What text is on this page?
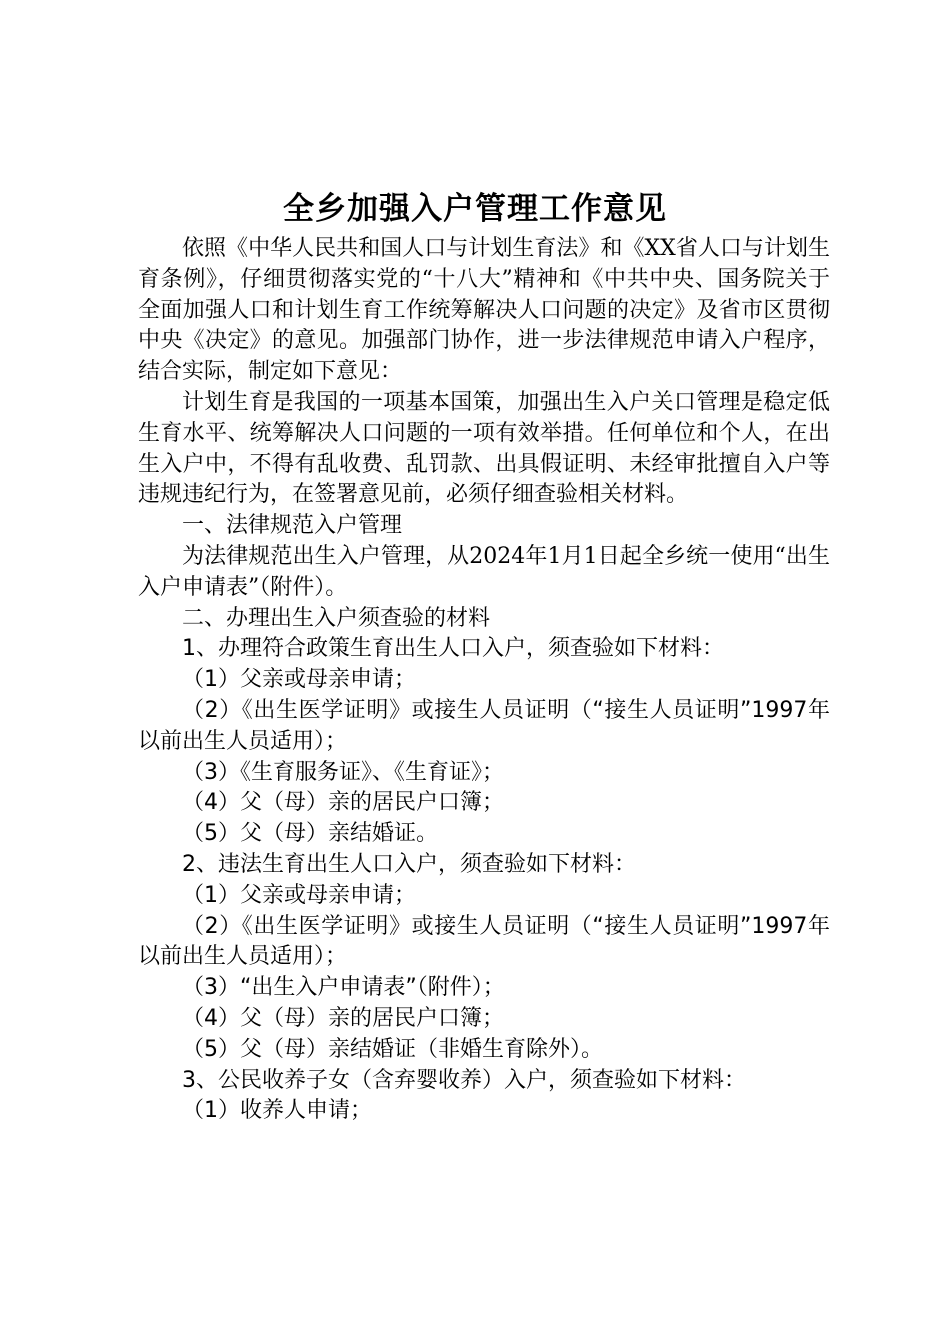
全乡加强入户管理工作意见

依照《中华人民共和国人口与计划生育法》和《XX省人口与计划生育条例》，仔细贯彻落实党的“十八大”精神和《中共中央、国务院关于全面加强人口和计划生育工作统筹解决人口问题的决定》及省市区贯彻中央《决定》的意见。加强部门协作，进一步法律规范申请入户程序，结合实际，制定如下意见：

计划生育是我国的一项基本国策，加强出生入户关口管理是稳定低生育水平、统筹解决人口问题的一项有效举措。任何单位和个人，在出生入户中，不得有乱收费、乱罚款、出具假证明、未经审批擅自入户等违规违纪行为，在签署意见前，必须仔细查验相关材料。

一、法律规范入户管理

为法律规范出生入户管理，从2024年1月1日起全乡统一使用“出生入户申请表”（附件）。

二、办理出生入户须查验的材料

1、办理符合政策生育出生人口入户，须查验如下材料：

（1）父亲或母亲申请；

（2）《出生医学证明》或接生人员证明（“接生人员证明”1997年以前出生人员适用）；

（3）《生育服务证》、《生育证》；

（4）父（母）亲的居民户口簿；

（5）父（母）亲结婚证。

2、违法生育出生人口入户，须查验如下材料：

（1）父亲或母亲申请；

（2）《出生医学证明》或接生人员证明（“接生人员证明”1997年以前出生人员适用）；

（3）“出生入户申请表”（附件）；

（4）父（母）亲的居民户口簿；

（5）父（母）亲结婚证（非婚生育除外）。

3、公民收养子女（含弃婴收养）入户，须查验如下材料：

（1）收养人申请；
